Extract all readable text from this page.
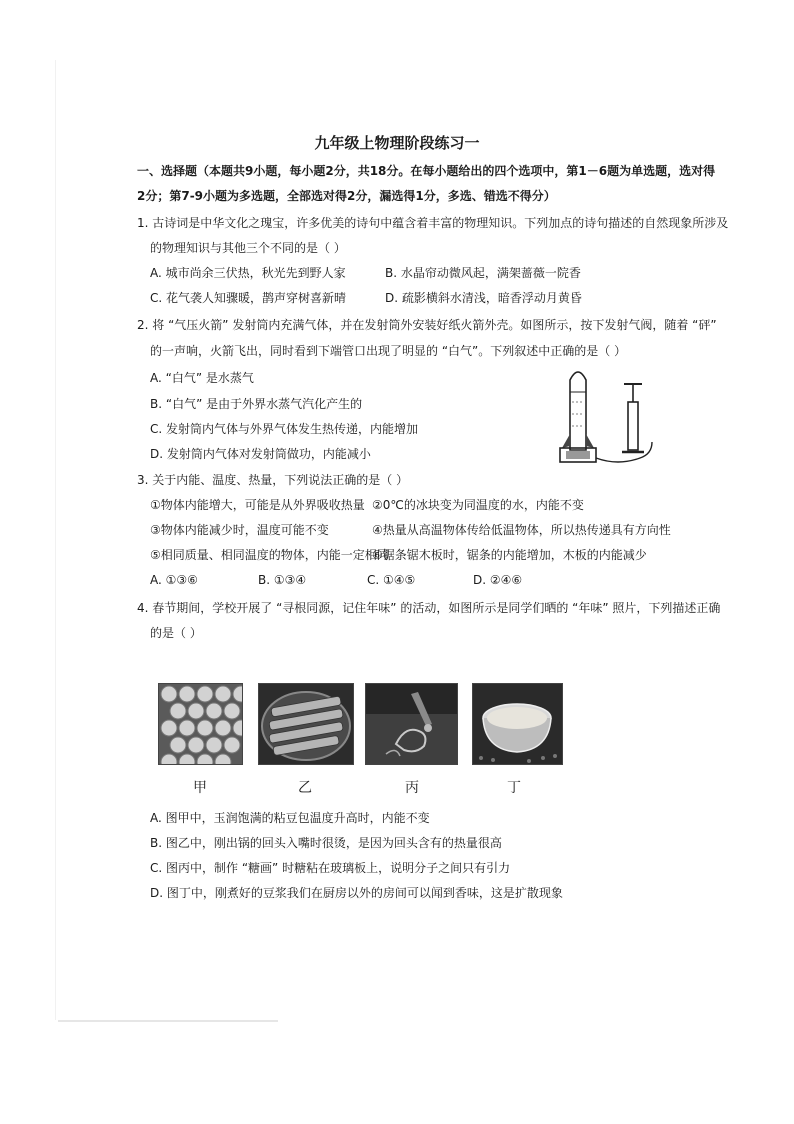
九年级上物理阶段练习一
一、选择题（本题共9小题，每小题2分，共18分。在每小题给出的四个选项中，第1－6题为单选题，选对得
2分；第7-9小题为多选题，全部选对得2分，漏选得1分，多选、错选不得分）
1. 古诗词是中华文化之瑰宝，许多优美的诗句中蕴含着丰富的物理知识。下列加点的诗句描述的自然现象所涉及
的物理知识与其他三个不同的是（ ）
A. 城市尚余三伏热，秋光先到野人家	B. 水晶帘动微风起，满架蔷薇一院香
C. 花气袭人知骤暖，鹊声穿树喜新晴	D. 疏影横斜水清浅，暗香浮动月黄昏
2. 将 “气压火箭” 发射筒内充满气体，并在发射筒外安装好纸火箭外壳。如图所示，按下发射气阀，随着 “砰”
的一声响，火箭飞出，同时看到下端管口出现了明显的 “白气”。下列叙述中正确的是（ ）
A. “白气” 是水蒸气
B. “白气” 是由于外界水蒸气汽化产生的
C. 发射筒内气体与外界气体发生热传递，内能增加
D. 发射筒内气体对发射筒做功，内能减小
3. 关于内能、温度、热量，下列说法正确的是（ ）
①物体内能增大，可能是从外界吸收热量 ②0℃的冰块变为同温度的水，内能不变
③物体内能减少时，温度可能不变	④热量从高温物体传给低温物体，所以热传递具有方向性
⑤相同质量、相同温度的物体，内能一定相同
⑥锯条锯木板时，锯条的内能增加，木板的内能减少
A. ①③⑥	B. ①③④	C. ①④⑤	D. ②④⑥
4. 春节期间，学校开展了 “寻根同源，记住年味” 的活动，如图所示是同学们晒的 “年味” 照片，下列描述正确
的是（ ）
甲	乙	丙	丁
A. 图甲中，玉润饱满的粘豆包温度升高时，内能不变
B. 图乙中，刚出锅的回头入嘴时很烫，是因为回头含有的热量很高
C. 图丙中，制作 “糖画” 时糖粘在玻璃板上，说明分子之间只有引力
D. 图丁中，刚煮好的豆浆我们在厨房以外的房间可以闻到香味，这是扩散现象
